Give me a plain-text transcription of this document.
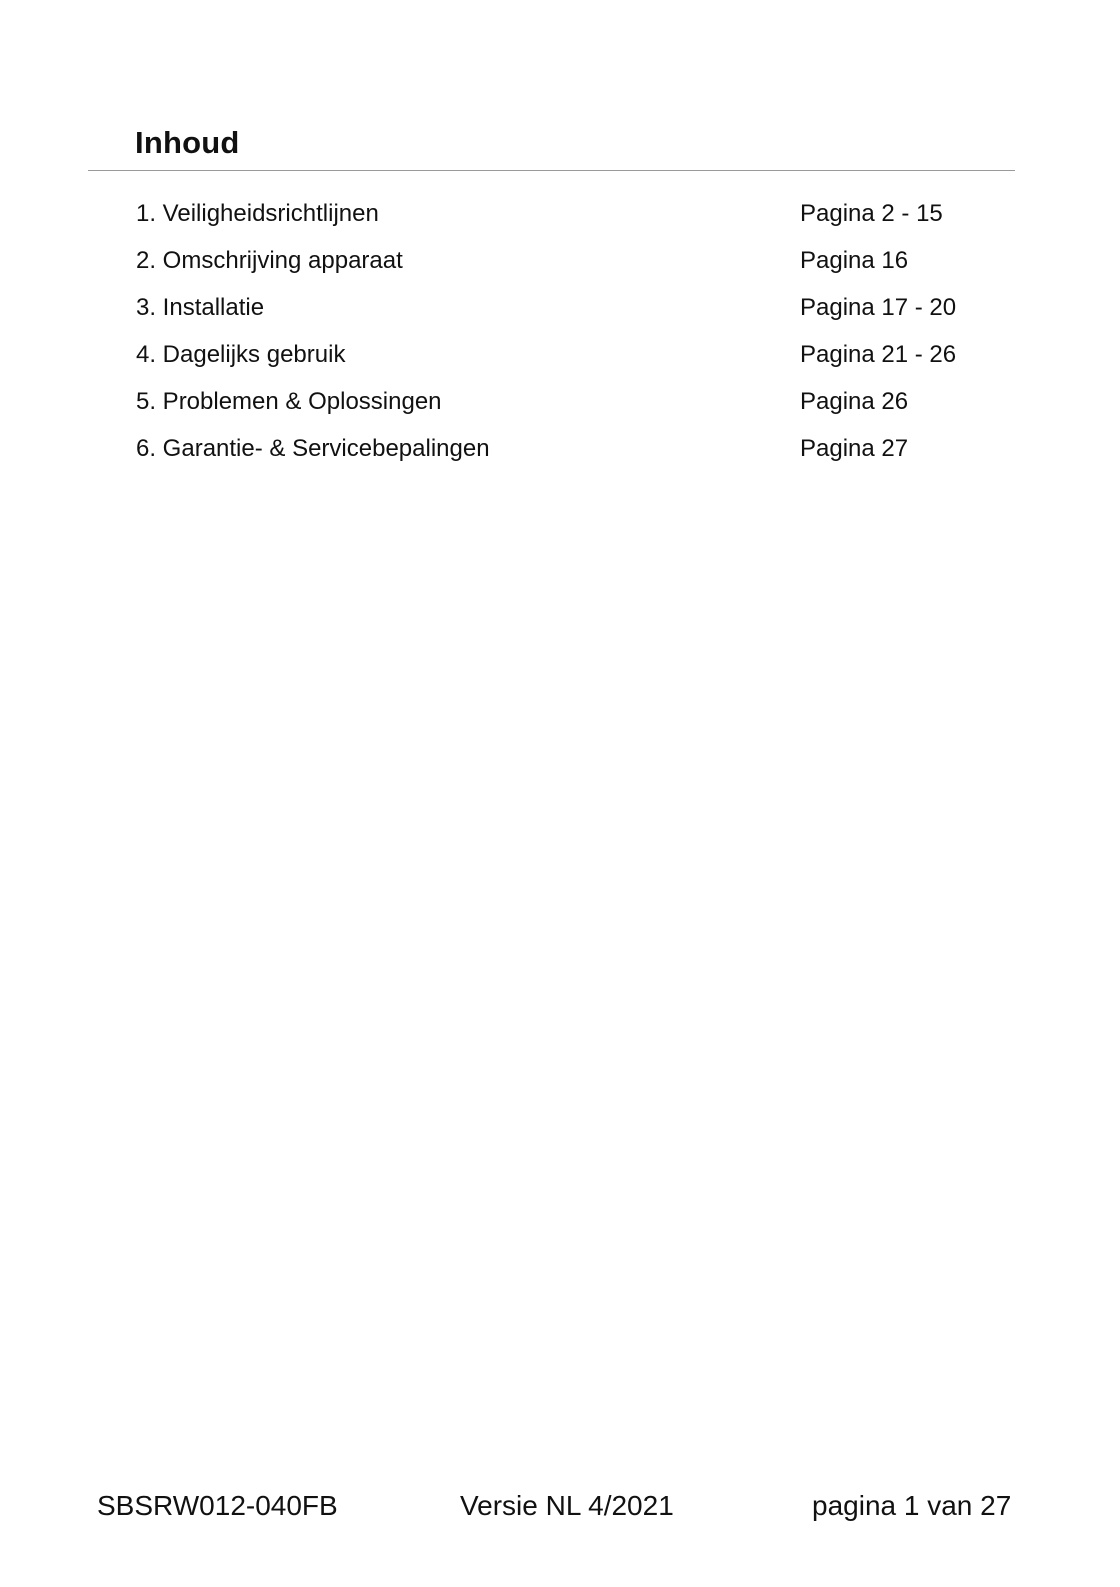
Inhoud
1. Veiligheidsrichtlijnen	Pagina 2 - 15
2. Omschrijving apparaat	Pagina 16
3. Installatie	Pagina 17 - 20
4. Dagelijks gebruik	Pagina 21 - 26
5. Problemen & Oplossingen	Pagina 26
6. Garantie- & Servicebepalingen	Pagina 27
SBSRW012-040FB	Versie NL 4/2021	pagina 1 van 27
